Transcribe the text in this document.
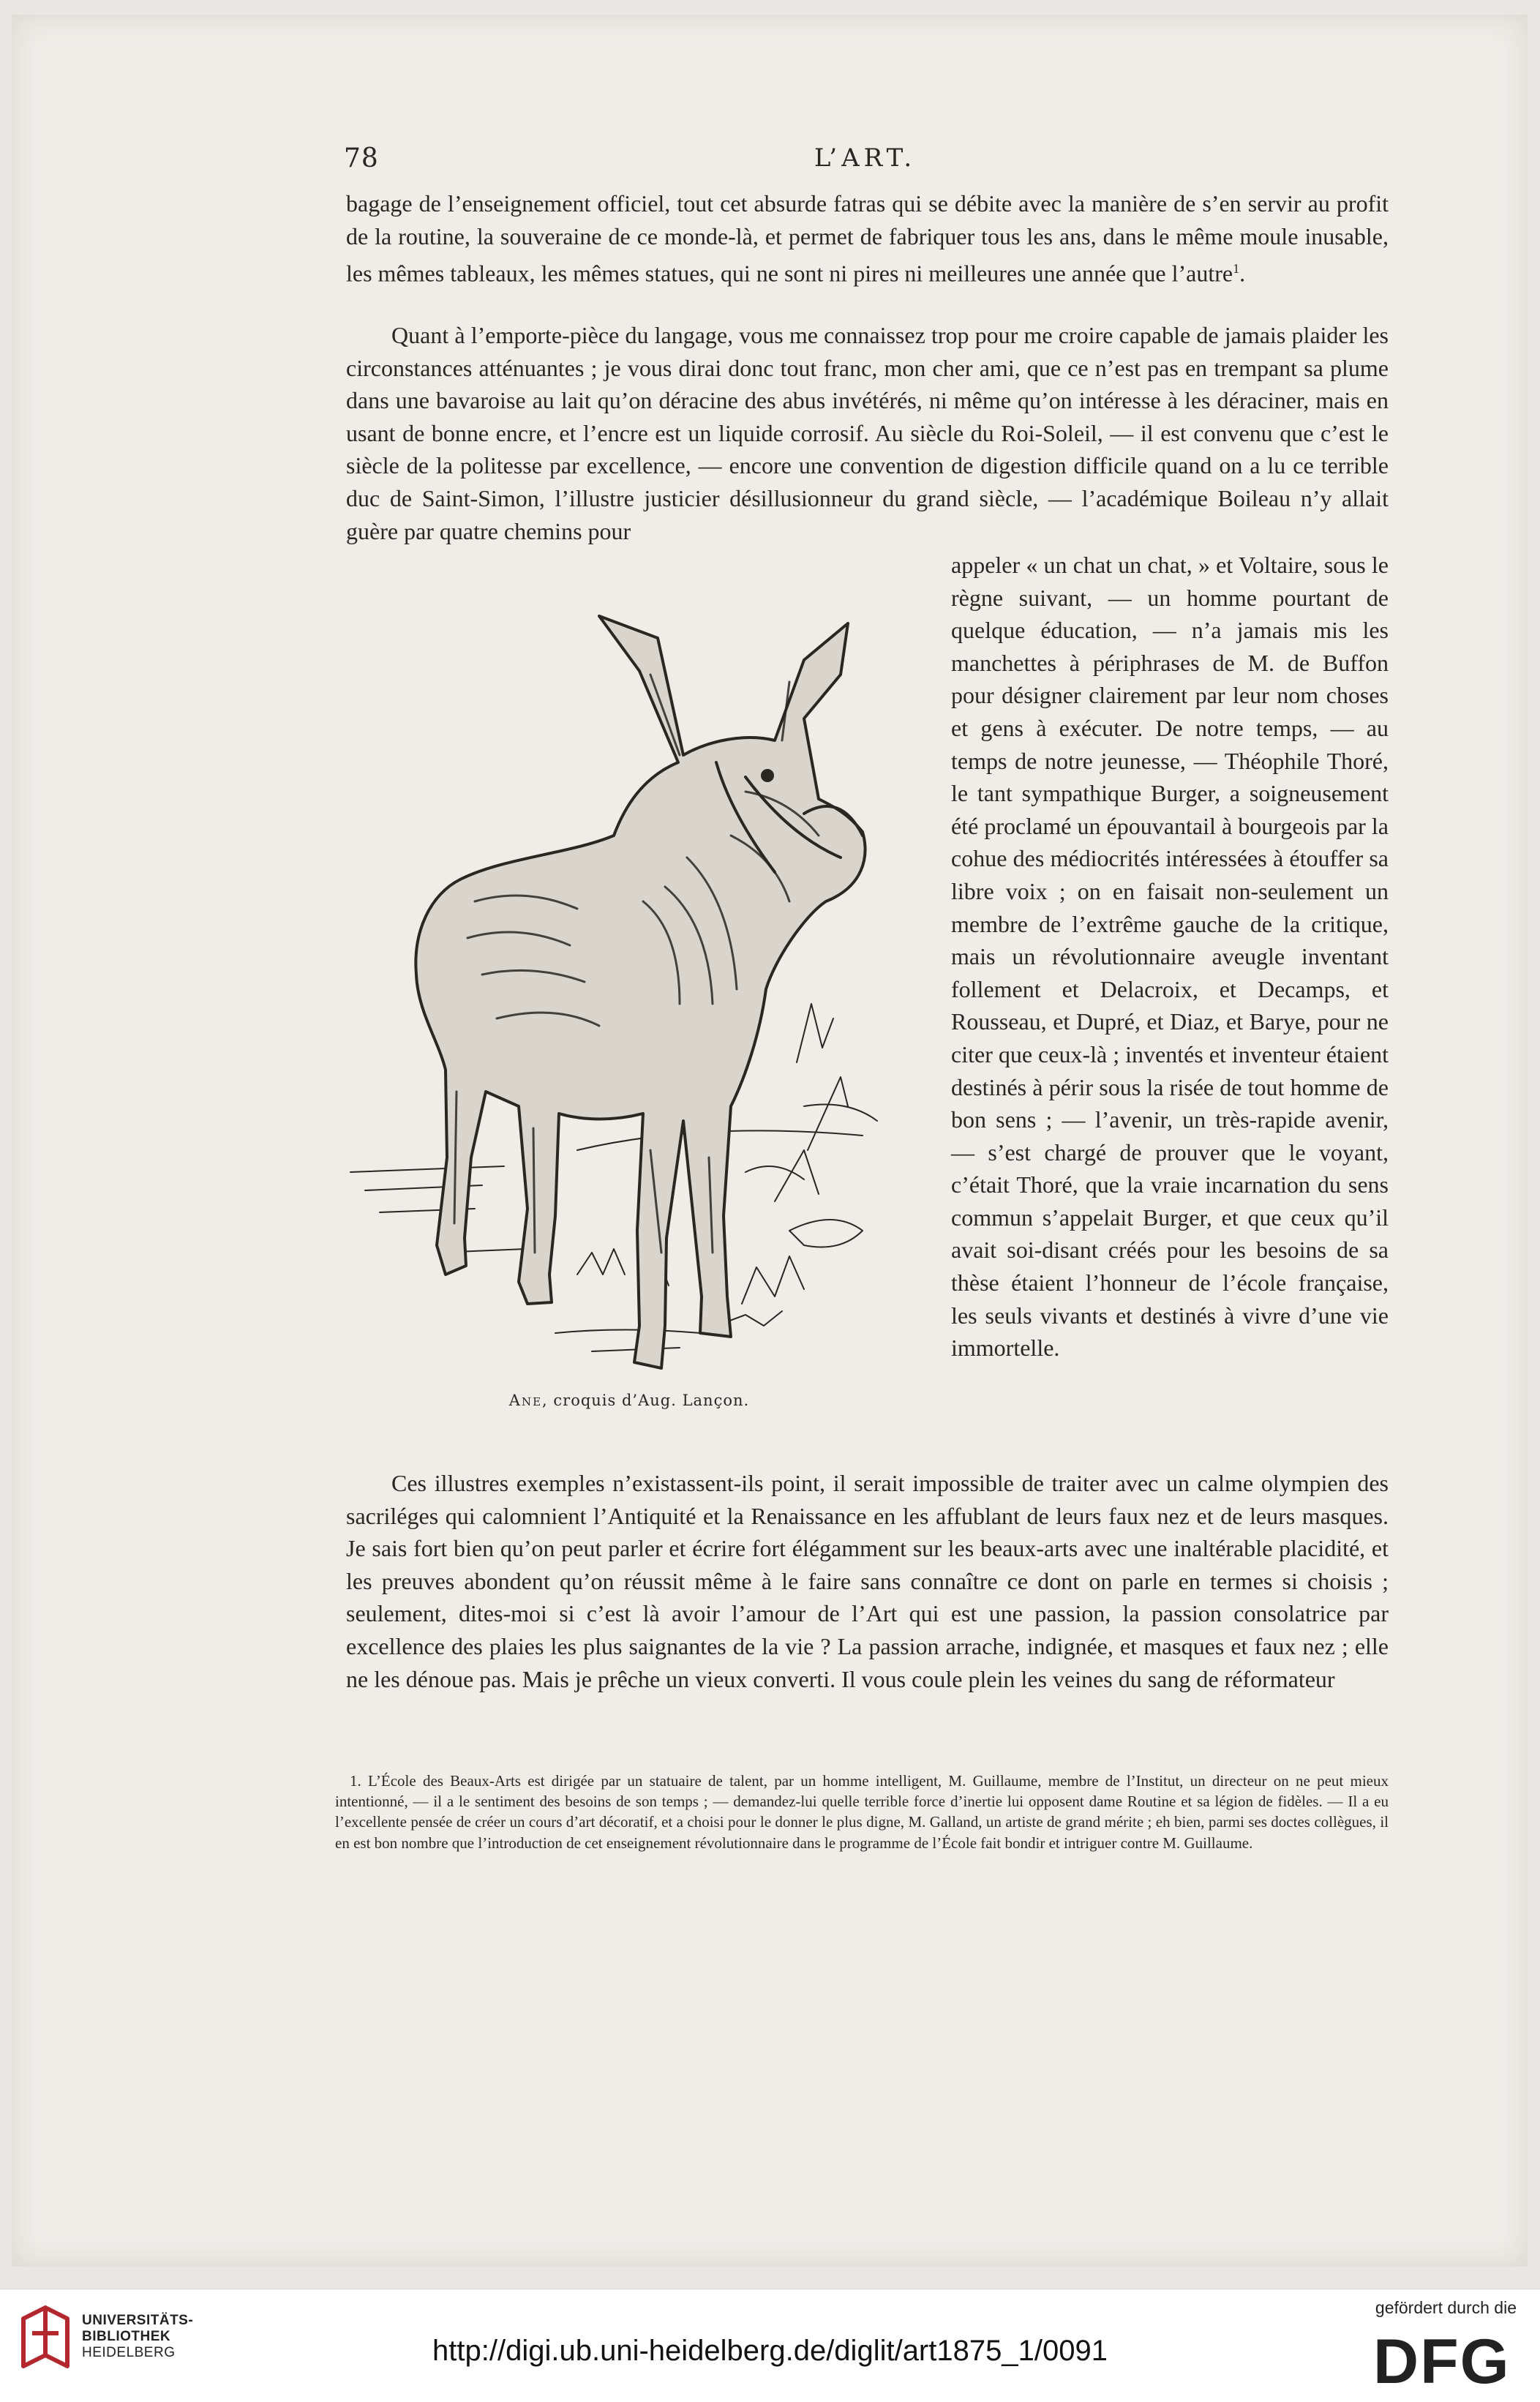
78	L’ART.

bagage de l’enseignement officiel, tout cet absurde fatras qui se débite avec la manière de s’en servir au profit de la routine, la souveraine de ce monde-là, et permet de fabriquer tous les ans, dans le même moule inusable, les mêmes tableaux, les mêmes statues, qui ne sont ni pires ni meilleures une année que l’autre$^1$.

Quant à l’emporte-pièce du langage, vous me connaissez trop pour me croire capable de jamais plaider les circonstances atténuantes ; je vous dirai donc tout franc, mon cher ami, que ce n’est pas en trempant sa plume dans une bavaroise au lait qu’on déracine des abus invétérés, ni même qu’on intéresse à les déraciner, mais en usant de bonne encre, et l’encre est un liquide corrosif. Au siècle du Roi-Soleil, — il est convenu que c’est le siècle de la politesse par excellence, — encore une convention de digestion difficile quand on a lu ce terrible duc de Saint-Simon, l’illustre justicier désillusionneur du grand siècle, — l’académique Boileau n’y allait guère par quatre chemins pour

appeler « un chat un chat, » et Voltaire, sous le règne suivant, — un homme pourtant de quelque éducation, — n’a jamais mis les manchettes à périphrases de M. de Buffon pour désigner clairement par leur nom choses et gens à exécuter. De notre temps, — au temps de notre jeunesse, — Théophile Thoré, le tant sympathique Burger, a soigneusement été proclamé un épouvantail à bourgeois par la cohue des médiocrités intéressées à étouffer sa libre voix ; on en faisait non-seulement un membre de l’extrême gauche de la critique, mais un révolutionnaire aveugle inventant follement et Delacroix, et Decamps, et Rousseau, et Dupré, et Diaz, et Barye, pour ne citer que ceux-là ; inventés et inventeur étaient destinés à périr sous la risée de tout homme de bon sens ; — l’avenir, un très-rapide avenir, — s’est chargé de prouver que le voyant, c’était Thoré, que la vraie incarnation du sens commun s’appelait Burger, et que ceux qu’il avait soi-disant créés pour les besoins de sa thèse étaient l’honneur de l’école française, les seuls vivants et destinés à vivre d’une vie immortelle.

Ane, croquis d’Aug. Lançon.

Ces illustres exemples n’existassent-ils point, il serait impossible de traiter avec un calme olympien des sacriléges qui calomnient l’Antiquité et la Renaissance en les affublant de leurs faux nez et de leurs masques. Je sais fort bien qu’on peut parler et écrire fort élégamment sur les beaux-arts avec une inaltérable placidité, et les preuves abondent qu’on réussit même à le faire sans connaître ce dont on parle en termes si choisis ; seulement, dites-moi si c’est là avoir l’amour de l’Art qui est une passion, la passion consolatrice par excellence des plaies les plus saignantes de la vie ? La passion arrache, indignée, et masques et faux nez ; elle ne les dénoue pas. Mais je prêche un vieux converti. Il vous coule plein les veines du sang de réformateur

1. L’École des Beaux-Arts est dirigée par un statuaire de talent, par un homme intelligent, M. Guillaume, membre de l’Institut, un directeur on ne peut mieux intentionné, — il a le sentiment des besoins de son temps ; — demandez-lui quelle terrible force d’inertie lui opposent dame Routine et sa légion de fidèles. — Il a eu l’excellente pensée de créer un cours d’art décoratif, et a choisi pour le donner le plus digne, M. Galland, un artiste de grand mérite ; eh bien, parmi ses doctes collègues, il en est bon nombre que l’introduction de cet enseignement révolutionnaire dans le programme de l’École fait bondir et intriguer contre M. Guillaume.

UNIVERSITÄTS-
BIBLIOTHEK
HEIDELBERG	http://digi.ub.uni-heidelberg.de/diglit/art1875_1/0091
gefördert durch die
DFG
